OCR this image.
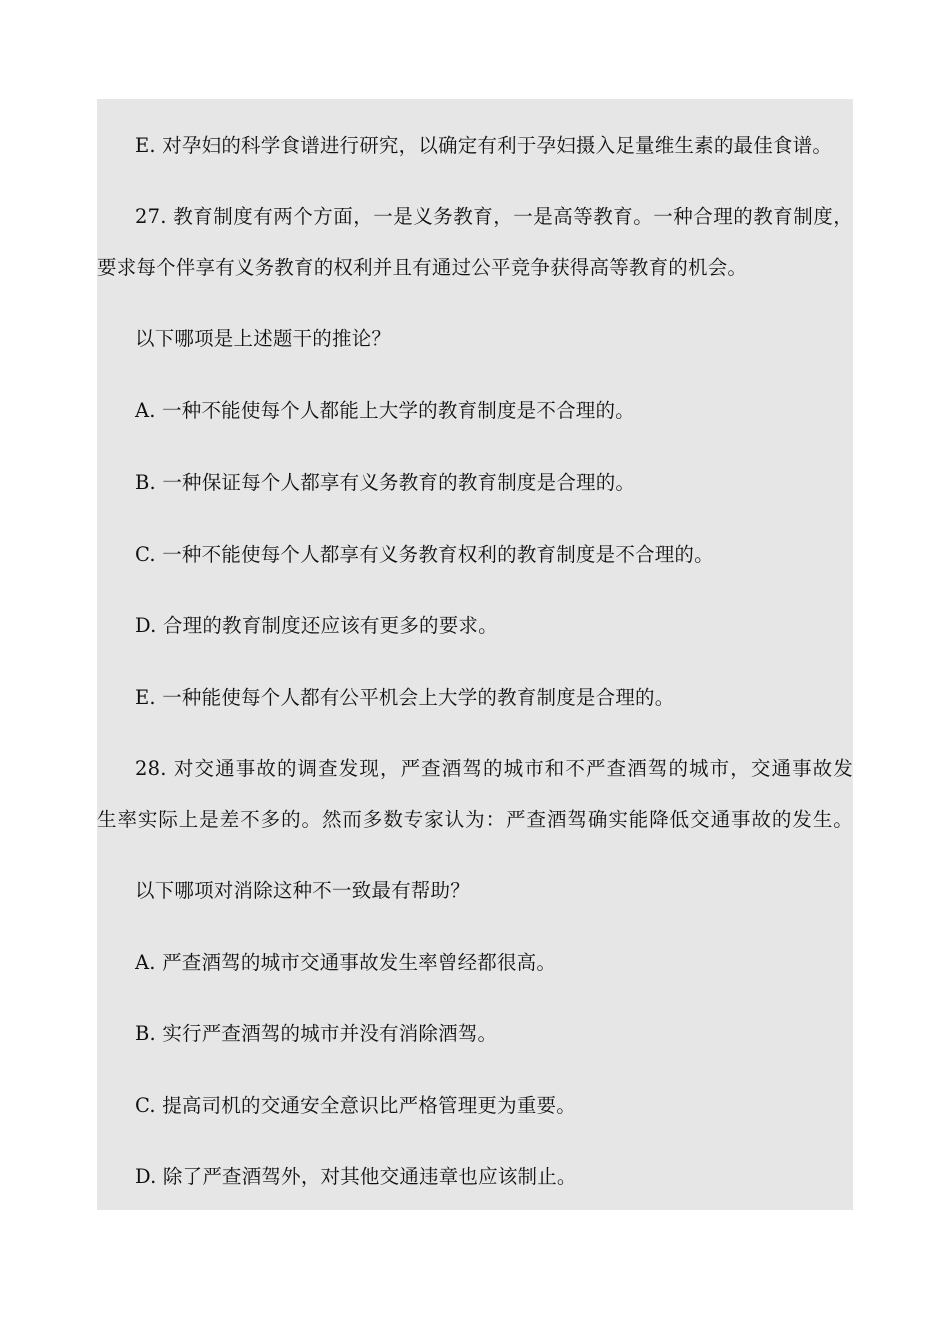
E. 对孕妇的科学食谱进行研究，以确定有利于孕妇摄入足量维生素的最佳食谱。
27. 教育制度有两个方面，一是义务教育，一是高等教育。一种合理的教育制度，
要求每个伴享有义务教育的权利并且有通过公平竞争获得高等教育的机会。
以下哪项是上述题干的推论？
A. 一种不能使每个人都能上大学的教育制度是不合理的。
B. 一种保证每个人都享有义务教育的教育制度是合理的。
C. 一种不能使每个人都享有义务教育权利的教育制度是不合理的。
D. 合理的教育制度还应该有更多的要求。
E. 一种能使每个人都有公平机会上大学的教育制度是合理的。
28. 对交通事故的调查发现，严查酒驾的城市和不严查酒驾的城市，交通事故发
生率实际上是差不多的。然而多数专家认为：严查酒驾确实能降低交通事故的发生。
以下哪项对消除这种不一致最有帮助？
A. 严查酒驾的城市交通事故发生率曾经都很高。
B. 实行严查酒驾的城市并没有消除酒驾。
C. 提高司机的交通安全意识比严格管理更为重要。
D. 除了严查酒驾外，对其他交通违章也应该制止。
